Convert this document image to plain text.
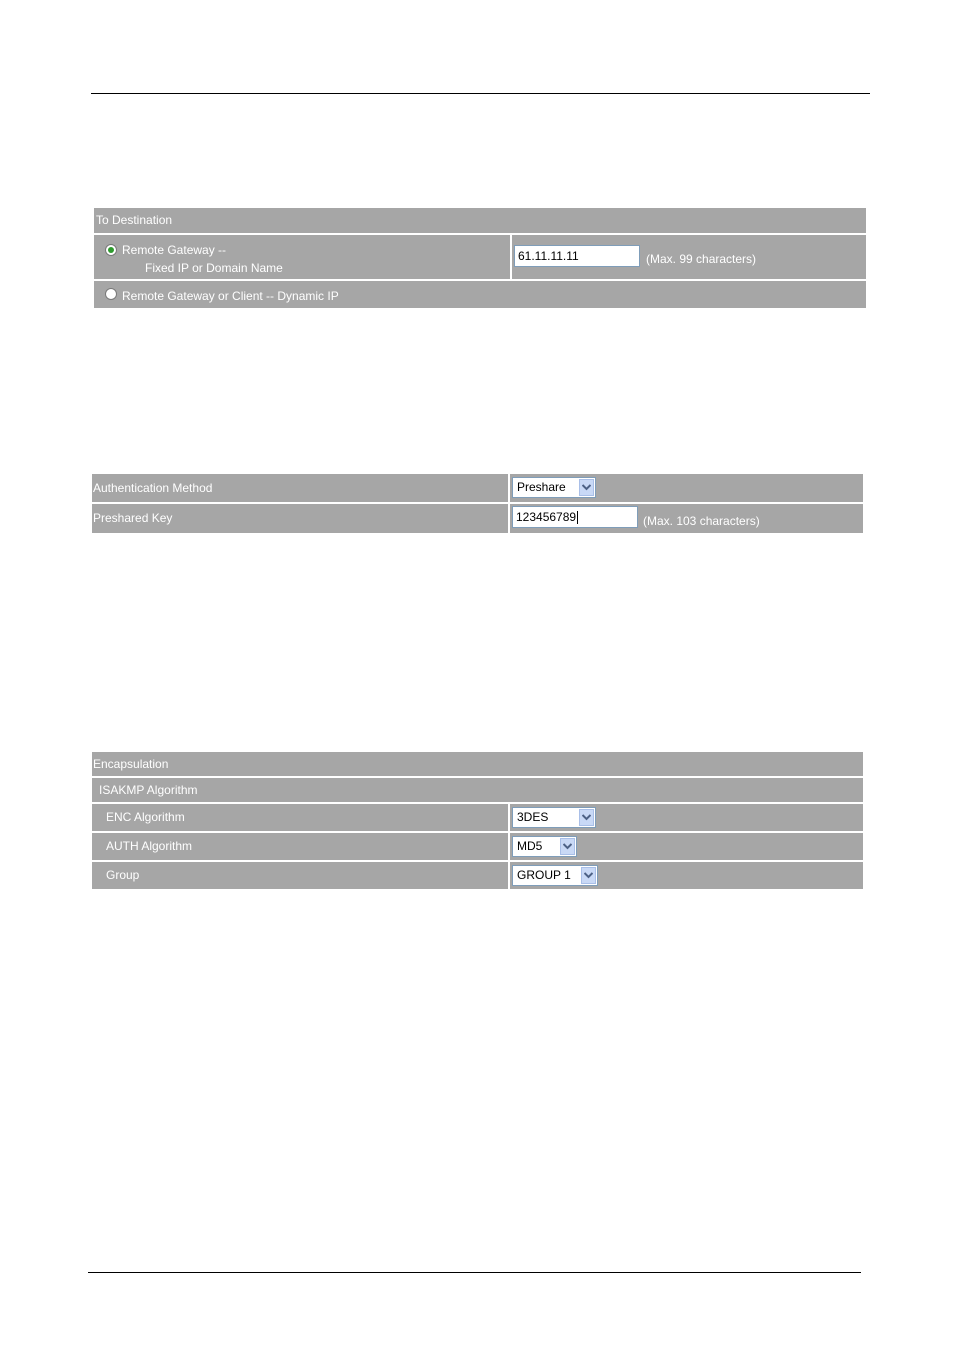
To Destination
Remote Gateway --
Fixed IP or Domain Name
61.11.11.11	(Max. 99 characters)
Remote Gateway or Client -- Dynamic IP
Authentication Method	Preshare
Preshared Key	123456789	(Max. 103 characters)
Encapsulation
ISAKMP Algorithm
ENC Algorithm	3DES
AUTH Algorithm	MD5
Group	GROUP 1
